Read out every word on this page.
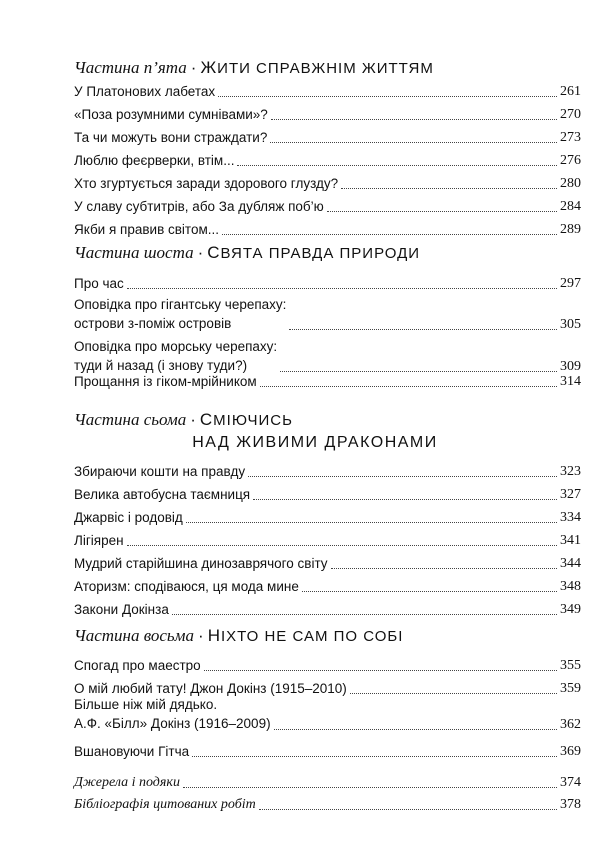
Частина п’ята · ЖИТИ СПРАВЖНІМ ЖИТТЯМ
У Платонових лабетах	261
«Поза розумними сумнівами»?	270
Та чи можуть вони страждати?	273
Люблю феєрверки, втім...	276
Хто згуртується заради здорового глузду?	280
У славу субтитрів, або За дубляж поб’ю	284
Якби я правив світом...	289
Частина шоста · СВЯТА ПРАВДА ПРИРОДИ
Про час	297
Оповідка про гігантську черепаху:
острови з-поміж островів	305
Оповідка про морську черепаху:
туди й назад (і знову туди?)	309
Прощання із гіком-мрійником	314
Частина сьома · СМІЮЧИСЬ
НАД ЖИВИМИ ДРАКОНАМИ
Збираючи кошти на правду	323
Велика автобусна таємниця	327
Джарвіс і родовід	334
Лігіярен	341
Мудрий старійшина динозаврячого світу	344
Аторизм: сподіваюся, ця мода мине	348
Закони Докінза	349
Частина восьма · НІХТО НЕ САМ ПО СОБІ
Спогад про маестро	355
О мій любий тату! Джон Докінз (1915–2010)	359
Більше ніж мій дядько.
А.Ф. «Білл» Докінз (1916–2009)	362
Вшановуючи Гітча	369
Джерела і подяки	374
Бібліографія цитованих робіт	378
